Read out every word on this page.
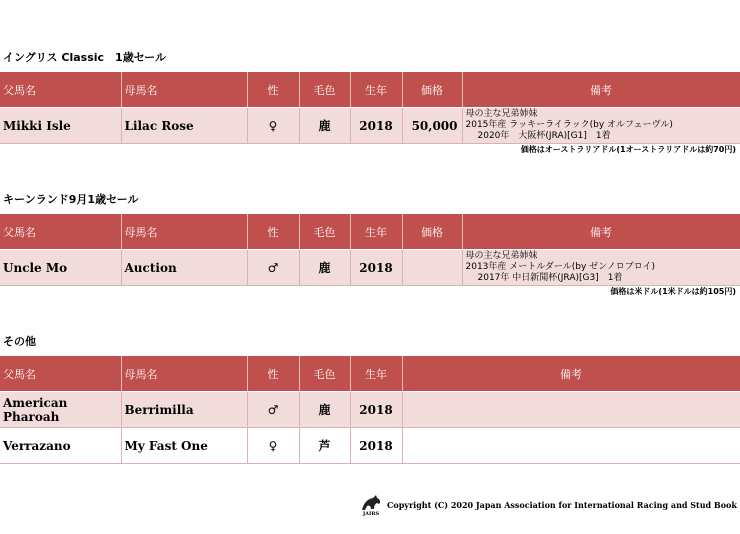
イングリス Classic　1歳セール
父馬名	母馬名	性	毛色	生年	価格	備考
Mikki Isle	Lilac Rose	♀	鹿	2018	50,000	母の主な兄弟姉妹
2015年産 ラッキーライラック(by オルフェーヴル)
2020年　大阪杯(JRA)[G1]　1着
価格はオーストラリアドル(1オーストラリアドルは約70円)
キーンランド9月1歳セール
父馬名	母馬名	性	毛色	生年	価格	備考
Uncle Mo	Auction	♂	鹿	2018		母の主な兄弟姉妹
2013年産 メートルダール(by ゼンノロブロイ)
2017年 中日新聞杯(JRA)[G3]　1着
価格は米ドル(1米ドルは約105円)
その他
父馬名	母馬名	性	毛色	生年	備考
American Pharoah	Berrimilla	♂	鹿	2018	
Verrazano	My Fast One	♀	芦	2018	
JAIRS
Copyright (C) 2020 Japan Association for International Racing and Stud Book
